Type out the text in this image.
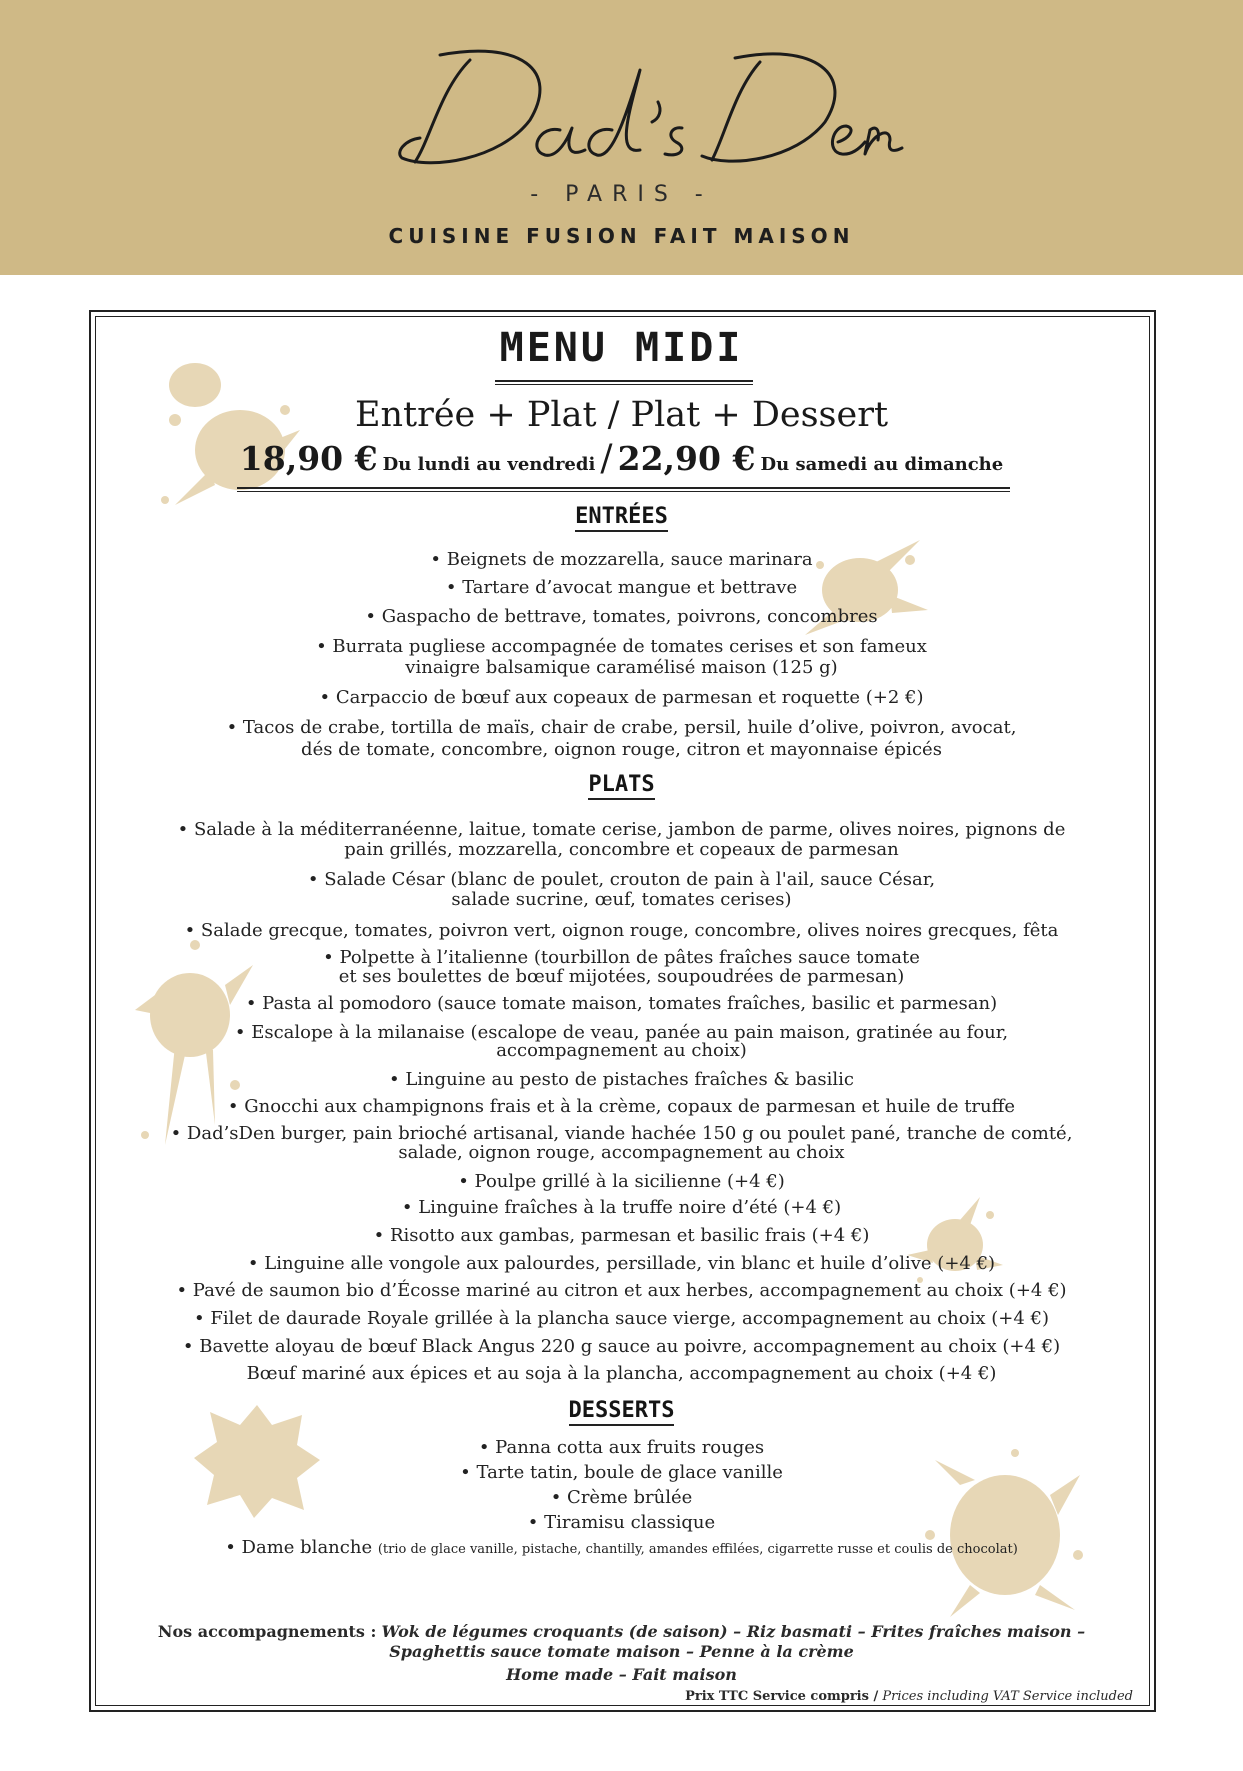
- PARIS -
CUISINE FUSION FAIT MAISON
MENU MIDI
Entrée + Plat / Plat + Dessert
18,90 € Du lundi au vendredi / 22,90 € Du samedi au dimanche
ENTRÉES
• Beignets de mozzarella, sauce marinara
• Tartare d’avocat mangue et bettrave
• Gaspacho de bettrave, tomates, poivrons, concombres
• Burrata pugliese accompagnée de tomates cerises et son fameux
vinaigre balsamique caramélisé maison (125 g)
• Carpaccio de bœuf aux copeaux de parmesan et roquette (+2 €)
• Tacos de crabe, tortilla de maïs, chair de crabe, persil, huile d’olive, poivron, avocat,
dés de tomate, concombre, oignon rouge, citron et mayonnaise épicés
PLATS
• Salade à la méditerranéenne, laitue, tomate cerise, jambon de parme, olives noires, pignons de
pain grillés, mozzarella, concombre et copeaux de parmesan
• Salade César (blanc de poulet, crouton de pain à l'ail, sauce César,
salade sucrine, œuf, tomates cerises)
• Salade grecque, tomates, poivron vert, oignon rouge, concombre, olives noires grecques, fêta
• Polpette à l’italienne (tourbillon de pâtes fraîches sauce tomate
et ses boulettes de bœuf mijotées, soupoudrées de parmesan)
• Pasta al pomodoro (sauce tomate maison, tomates fraîches, basilic et parmesan)
• Escalope à la milanaise (escalope de veau, panée au pain maison, gratinée au four,
accompagnement au choix)
• Linguine au pesto de pistaches fraîches & basilic
• Gnocchi aux champignons frais et à la crème, copaux de parmesan et huile de truffe
• Dad’sDen burger, pain brioché artisanal, viande hachée 150 g ou poulet pané, tranche de comté,
salade, oignon rouge, accompagnement au choix
• Poulpe grillé à la sicilienne (+4 €)
• Linguine fraîches à la truffe noire d’été (+4 €)
• Risotto aux gambas, parmesan et basilic frais (+4 €)
• Linguine alle vongole aux palourdes, persillade, vin blanc et huile d’olive (+4 €)
• Pavé de saumon bio d’Écosse mariné au citron et aux herbes, accompagnement au choix (+4 €)
• Filet de daurade Royale grillée à la plancha sauce vierge, accompagnement au choix (+4 €)
• Bavette aloyau de bœuf Black Angus 220 g sauce au poivre, accompagnement au choix (+4 €)
Bœuf mariné aux épices et au soja à la plancha, accompagnement au choix (+4 €)
DESSERTS
• Panna cotta aux fruits rouges
• Tarte tatin, boule de glace vanille
• Crème brûlée
• Tiramisu classique
• Dame blanche (trio de glace vanille, pistache, chantilly, amandes effilées, cigarrette russe et coulis de chocolat)
Nos accompagnements : Wok de légumes croquants (de saison) – Riz basmati – Frites fraîches maison –
Spaghettis sauce tomate maison – Penne à la crème
Home made – Fait maison
Prix TTC Service compris / Prices including VAT Service included
